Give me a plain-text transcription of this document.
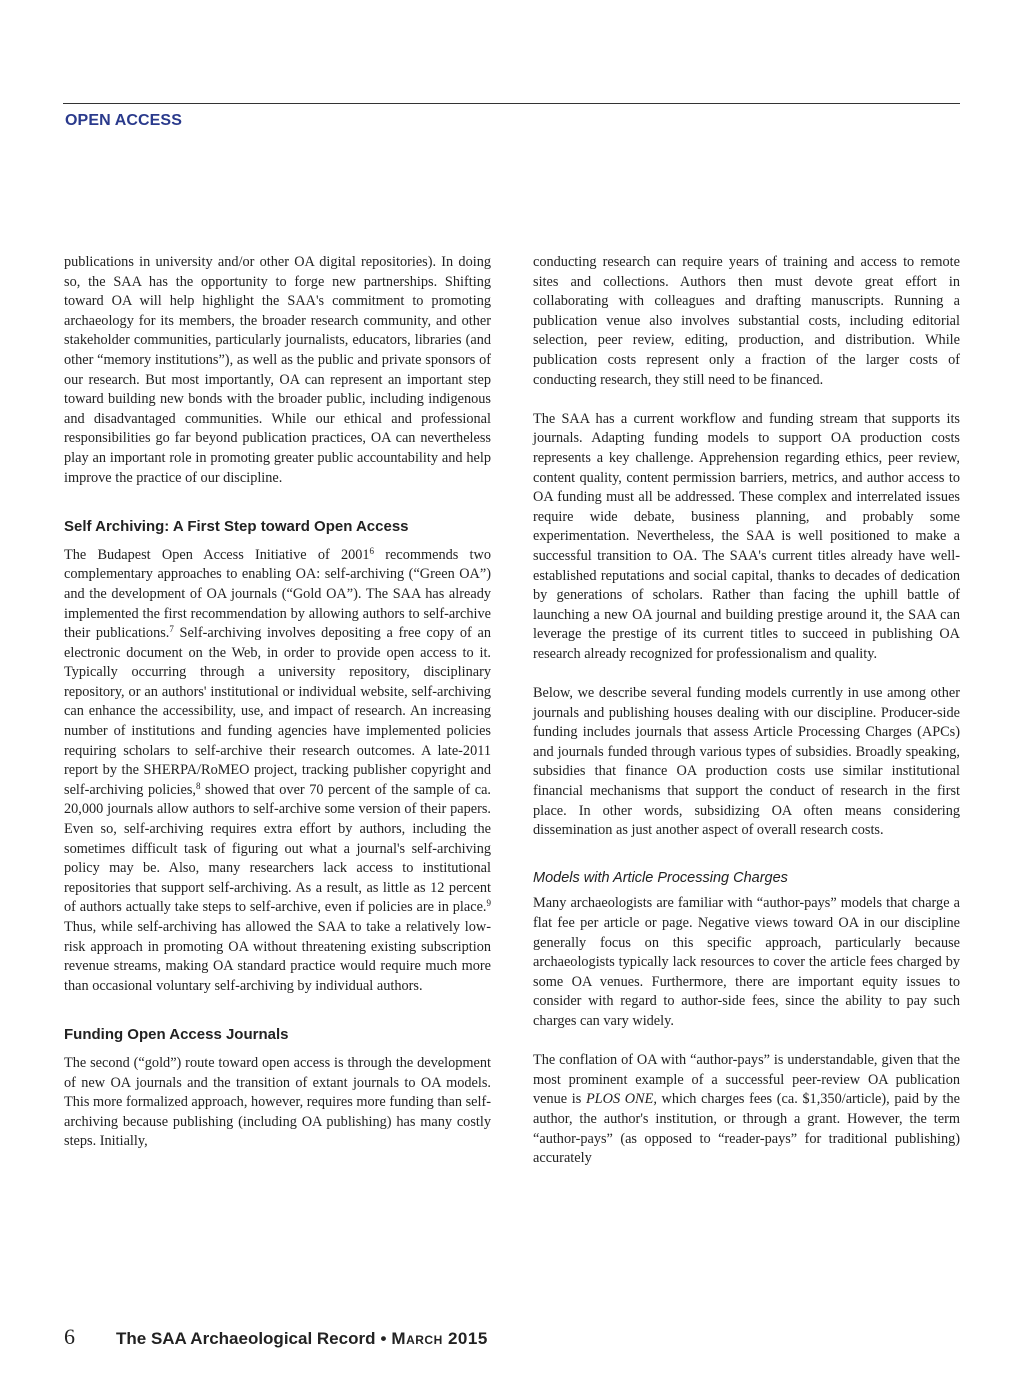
OPEN ACCESS

publications in university and/or other OA digital repositories). In doing so, the SAA has the opportunity to forge new partnerships. Shifting toward OA will help highlight the SAA's commitment to promoting archaeology for its members, the broader research community, and other stakeholder communities, particularly journalists, educators, libraries (and other “memory institutions”), as well as the public and private sponsors of our research. But most importantly, OA can represent an important step toward building new bonds with the broader public, including indigenous and disadvantaged communities. While our ethical and professional responsibilities go far beyond publication practices, OA can nevertheless play an important role in promoting greater public accountability and help improve the practice of our discipline.

Self Archiving: A First Step toward Open Access

The Budapest Open Access Initiative of 2001$^6$ recommends two complementary approaches to enabling OA: self-archiving (“Green OA”) and the development of OA journals (“Gold OA”). The SAA has already implemented the first recommendation by allowing authors to self-archive their publications.$^7$ Self-archiving involves depositing a free copy of an electronic document on the Web, in order to provide open access to it. Typically occurring through a university repository, disciplinary repository, or an authors' institutional or individual website, self-archiving can enhance the accessibility, use, and impact of research. An increasing number of institutions and funding agencies have implemented policies requiring scholars to self-archive their research outcomes. A late-2011 report by the SHERPA/RoMEO project, tracking publisher copyright and self-archiving policies,$^8$ showed that over 70 percent of the sample of ca. 20,000 journals allow authors to self-archive some version of their papers. Even so, self-archiving requires extra effort by authors, including the sometimes difficult task of figuring out what a journal's self-archiving policy may be. Also, many researchers lack access to institutional repositories that support self-archiving. As a result, as little as 12 percent of authors actually take steps to self-archive, even if policies are in place.$^9$ Thus, while self-archiving has allowed the SAA to take a relatively low-risk approach in promoting OA without threatening existing subscription revenue streams, making OA standard practice would require much more than occasional voluntary self-archiving by individual authors.

Funding Open Access Journals

The second (“gold”) route toward open access is through the development of new OA journals and the transition of extant journals to OA models. This more formalized approach, however, requires more funding than self-archiving because publishing (including OA publishing) has many costly steps. Initially,

conducting research can require years of training and access to remote sites and collections. Authors then must devote great effort in collaborating with colleagues and drafting manuscripts. Running a publication venue also involves substantial costs, including editorial selection, peer review, editing, production, and distribution. While publication costs represent only a fraction of the larger costs of conducting research, they still need to be financed.

The SAA has a current workflow and funding stream that supports its journals. Adapting funding models to support OA production costs represents a key challenge. Apprehension regarding ethics, peer review, content quality, content permission barriers, metrics, and author access to OA funding must all be addressed. These complex and interrelated issues require wide debate, business planning, and probably some experimentation. Nevertheless, the SAA is well positioned to make a successful transition to OA. The SAA's current titles already have well-established reputations and social capital, thanks to decades of dedication by generations of scholars. Rather than facing the uphill battle of launching a new OA journal and building prestige around it, the SAA can leverage the prestige of its current titles to succeed in publishing OA research already recognized for professionalism and quality.

Below, we describe several funding models currently in use among other journals and publishing houses dealing with our discipline. Producer-side funding includes journals that assess Article Processing Charges (APCs) and journals funded through various types of subsidies. Broadly speaking, subsidies that finance OA production costs use similar institutional financial mechanisms that support the conduct of research in the first place. In other words, subsidizing OA often means considering dissemination as just another aspect of overall research costs.

Models with Article Processing Charges

Many archaeologists are familiar with “author-pays” models that charge a flat fee per article or page. Negative views toward OA in our discipline generally focus on this specific approach, particularly because archaeologists typically lack resources to cover the article fees charged by some OA venues. Furthermore, there are important equity issues to consider with regard to author-side fees, since the ability to pay such charges can vary widely.

The conflation of OA with “author-pays” is understandable, given that the most prominent example of a successful peer-review OA publication venue is PLOS ONE, which charges fees (ca. $1,350/article), paid by the author, the author's institution, or through a grant. However, the term “author-pays” (as opposed to “reader-pays” for traditional publishing) accurately

6	The SAA Archaeological Record • March 2015
